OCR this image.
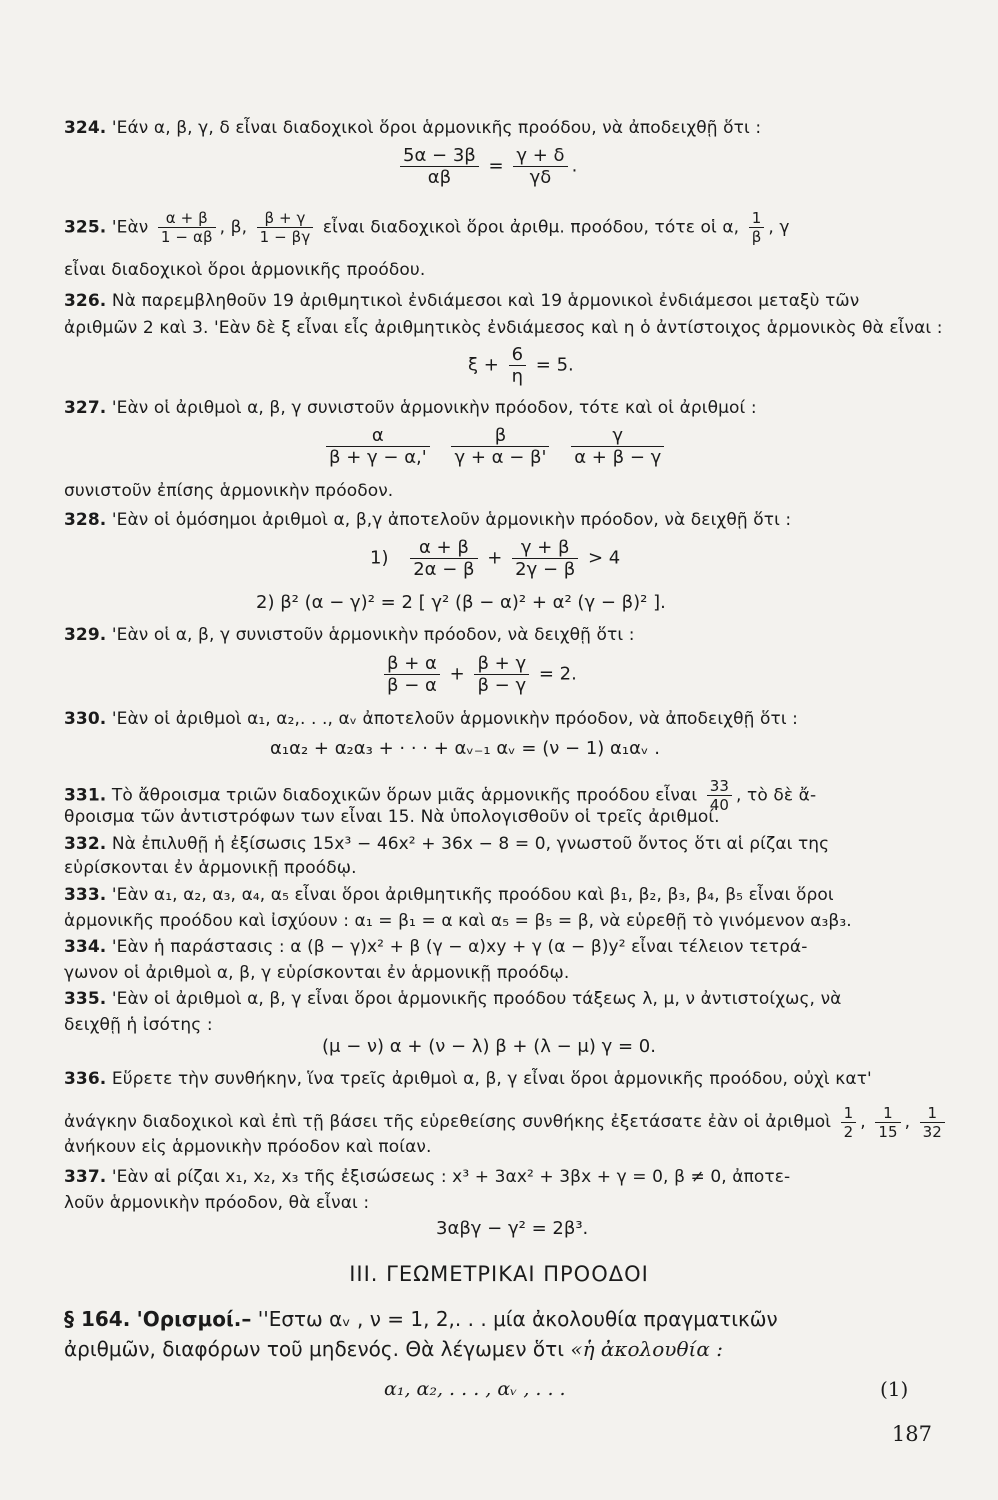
324. 'Εάν α, β, γ, δ εἶναι διαδοχικοὶ ὅροι ἁρμονικῆς προόδου, νὰ ἀποδειχθῇ ὅτι :
$\frac{5\alpha - 3\beta}{\alpha\beta} = \frac{\gamma + \delta}{\gamma\delta}$ .
325. 'Εὰν $\frac{\alpha + \beta}{1 - \alpha\beta}$ , β, $\frac{\beta + \gamma}{1 - \beta\gamma}$ εἶναι διαδοχικοὶ ὅροι ἀριθμ. προόδου, τότε οἱ α, $\frac{1}{\beta}$ , γ
εἶναι διαδοχικοὶ ὅροι ἁρμονικῆς προόδου.
326. Νὰ παρεμβληθοῦν 19 ἀριθμητικοὶ ἐνδιάμεσοι καὶ 19 ἁρμονικοὶ ἐνδιάμεσοι μεταξὺ τῶν
ἀριθμῶν 2 καὶ 3. 'Εὰν δὲ ξ εἶναι εἷς ἀριθμητικὸς ἐνδιάμεσος καὶ η ὁ ἀντίστοιχος ἁρμονικὸς θὰ εἶναι :
$\xi + \frac{6}{\eta} = 5$.
327. 'Εὰν οἱ ἀριθμοὶ α, β, γ συνιστοῦν ἁρμονικὴν πρόοδον, τότε καὶ οἱ ἀριθμοί :
$\frac{\alpha}{\beta + \gamma - \alpha,'}$
$\frac{\beta}{\gamma + \alpha - \beta'}$
$\frac{\gamma}{\alpha + \beta - \gamma}$
συνιστοῦν ἐπίσης ἁρμονικὴν πρόοδον.
328. 'Εὰν οἱ ὁμόσημοι ἀριθμοὶ α, β,γ ἀποτελοῦν ἁρμονικὴν πρόοδον, νὰ δειχθῇ ὅτι :
$1) \frac{\alpha + \beta}{2\alpha - \beta} + \frac{\gamma + \beta}{2\gamma - \beta} > 4$
2) β² (α − γ)² = 2 [ γ² (β − α)² + α² (γ − β)² ].
329. 'Εὰν οἱ α, β, γ συνιστοῦν ἁρμονικὴν πρόοδον, νὰ δειχθῇ ὅτι :
$\frac{\beta + \alpha}{\beta - \alpha} + \frac{\beta + \gamma}{\beta - \gamma} = 2$.
330. 'Εὰν οἱ ἀριθμοὶ α₁, α₂,. . ., αᵥ ἀποτελοῦν ἁρμονικὴν πρόοδον, νὰ ἀποδειχθῇ ὅτι :
α₁α₂ + α₂α₃ + · · · + αᵥ₋₁ αᵥ = (ν − 1) α₁αᵥ .
331. Τὸ ἄθροισμα τριῶν διαδοχικῶν ὅρων μιᾶς ἁρμονικῆς προόδου εἶναι $\frac{33}{40}$ , τὸ δὲ ἄ-
θροισμα τῶν ἀντιστρόφων των εἶναι 15. Νὰ ὑπολογισθοῦν οἱ τρεῖς ἀριθμοί.
332. Νὰ ἐπιλυθῇ ἡ ἐξίσωσις 15x³ − 46x² + 36x − 8 = 0, γνωστοῦ ὄντος ὅτι αἱ ρίζαι της
εὑρίσκονται ἐν ἁρμονικῇ προόδῳ.
333. 'Εὰν α₁, α₂, α₃, α₄, α₅ εἶναι ὅροι ἀριθμητικῆς προόδου καὶ β₁, β₂, β₃, β₄, β₅ εἶναι ὅροι
ἁρμονικῆς προόδου καὶ ἰσχύουν : α₁ = β₁ = α καὶ α₅ = β₅ = β, νὰ εὑρεθῇ τὸ γινόμενον α₃β₃.
334. 'Εὰν ἡ παράστασις : α (β − γ)x² + β (γ − α)xy + γ (α − β)y² εἶναι τέλειον τετρά-
γωνον οἱ ἀριθμοὶ α, β, γ εὑρίσκονται ἐν ἁρμονικῇ προόδῳ.
335. 'Εὰν οἱ ἀριθμοὶ α, β, γ εἶναι ὅροι ἁρμονικῆς προόδου τάξεως λ, μ, ν ἀντιστοίχως, νὰ
δειχθῇ ἡ ἰσότης :
(μ − ν) α + (ν − λ) β + (λ − μ) γ = 0.
336. Εὕρετε τὴν συνθήκην, ἵνα τρεῖς ἀριθμοὶ α, β, γ εἶναι ὅροι ἁρμονικῆς προόδου, οὐχὶ κατ'
ἀνάγκην διαδοχικοὶ καὶ ἐπὶ τῇ βάσει τῆς εὑρεθείσης συνθήκης ἐξετάσατε ἐὰν οἱ ἀριθμοὶ $\frac{1}{2}$ , $\frac{1}{15}$ , $\frac{1}{32}$
ἀνήκουν εἰς ἁρμονικὴν πρόοδον καὶ ποίαν.
337. 'Εὰν αἱ ρίζαι x₁, x₂, x₃ τῆς ἐξισώσεως : x³ + 3αx² + 3βx + γ = 0, β ≠ 0, ἀποτε-
λοῦν ἁρμονικὴν πρόοδον, θὰ εἶναι :
3αβγ − γ² = 2β³.
III. ΓΕΩΜΕΤΡΙΚΑΙ ΠΡΟΟΔΟΙ
§ 164. 'Ορισμοί.– ''Εστω αᵥ , ν = 1, 2,. . . μία ἀκολουθία πραγματικῶν
ἀριθμῶν, διαφόρων τοῦ μηδενός. Θὰ λέγωμεν ὅτι «ἡ ἀκολουθία :
α₁, α₂, . . . , αᵥ , . . .	(1)
187
